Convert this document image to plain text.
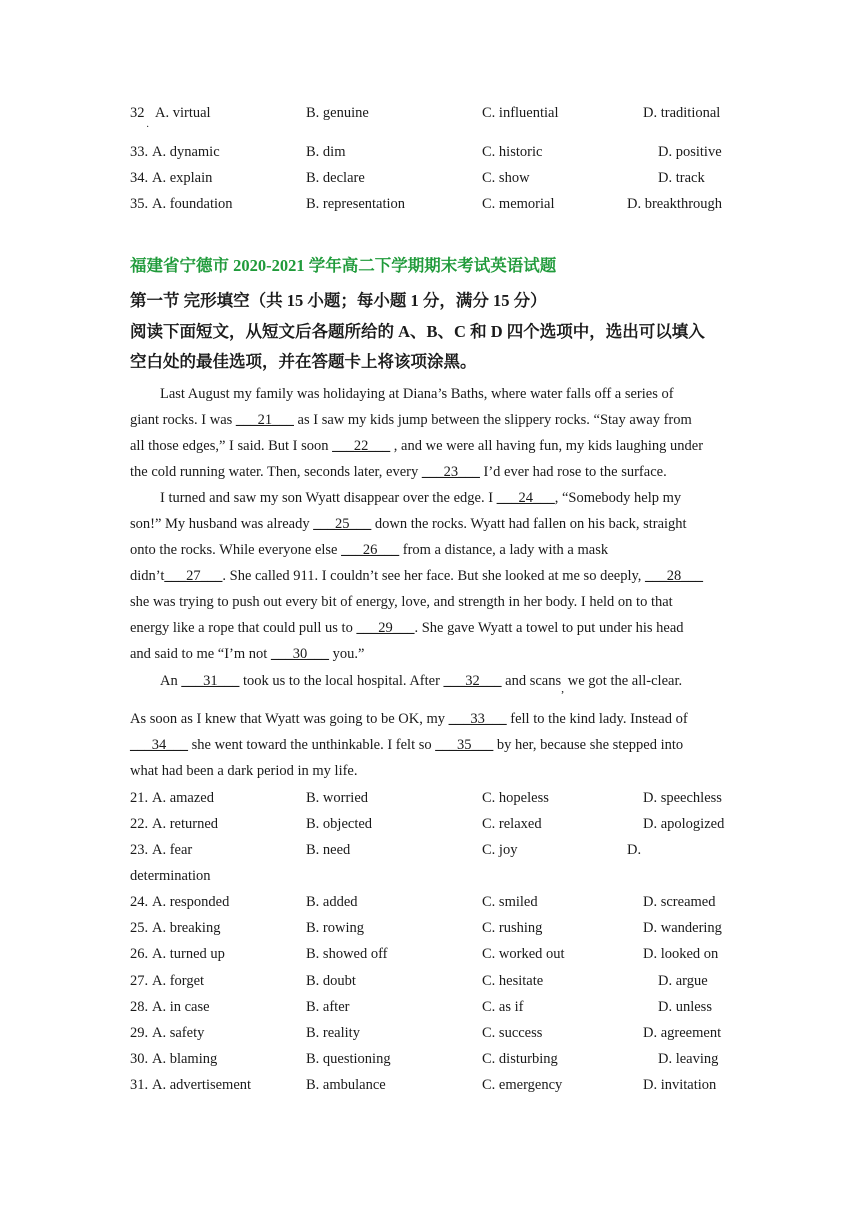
32 A. virtual	B. genuine	C. influential	D. traditional
·
33. A. dynamic	B. dim	C. historic	D. positive
34. A. explain	B. declare	C. show	D. track
35. A. foundation	B. representation	C. memorial	D. breakthrough
福建省宁德市 2020-2021 学年高二下学期期末考试英语试题
第一节 完形填空（共 15 小题；每小题 1 分，满分 15 分）
阅读下面短文，从短文后各题所给的 A、B、C 和 D 四个选项中，选出可以填入
空白处的最佳选项，并在答题卡上将该项涂黑。
Last August my family was holidaying at Diana’s Baths, where water falls off a series of
giant rocks. I was ___21___ as I saw my kids jump between the slippery rocks. “Stay away from
all those edges,” I said. But I soon ___22___ , and we were all having fun, my kids laughing under
the cold running water. Then, seconds later, every ___23___ I’d ever had rose to the surface.
I turned and saw my son Wyatt disappear over the edge. I ___24___, “Somebody help my
son!” My husband was already ___25___ down the rocks. Wyatt had fallen on his back, straight
onto the rocks. While everyone else ___26___ from a distance, a lady with a mask
didn’t___27___. She called 911. I couldn’t see her face. But she looked at me so deeply, ___28___
she was trying to push out every bit of energy, love, and strength in her body. I held on to that
energy like a rope that could pull us to ___29___. She gave Wyatt a towel to put under his head
and said to me “I’m not ___30___ you.”
An ___31___ took us to the local hospital. After ___32___ and scans$_,$ we got the all-clear.
As soon as I knew that Wyatt was going to be OK, my ___33___ fell to the kind lady. Instead of
___34___ she went toward the unthinkable. I felt so ___35___ by her, because she stepped into
what had been a dark period in my life.
21. A. amazed	B. worried	C. hopeless	D. speechless
22. A. returned	B. objected	C. relaxed	D. apologized
23. A. fear	B. need	C. joy	D.
determination
24. A. responded	B. added	C. smiled	D. screamed
25. A. breaking	B. rowing	C. rushing	D. wandering
26. A. turned up	B. showed off	C. worked out	D. looked on
27. A. forget	B. doubt	C. hesitate	D. argue
28. A. in case	B. after	C. as if	D. unless
29. A. safety	B. reality	C. success	D. agreement
30. A. blaming	B. questioning	C. disturbing	D. leaving
31. A. advertisement	B. ambulance	C. emergency	D. invitation
